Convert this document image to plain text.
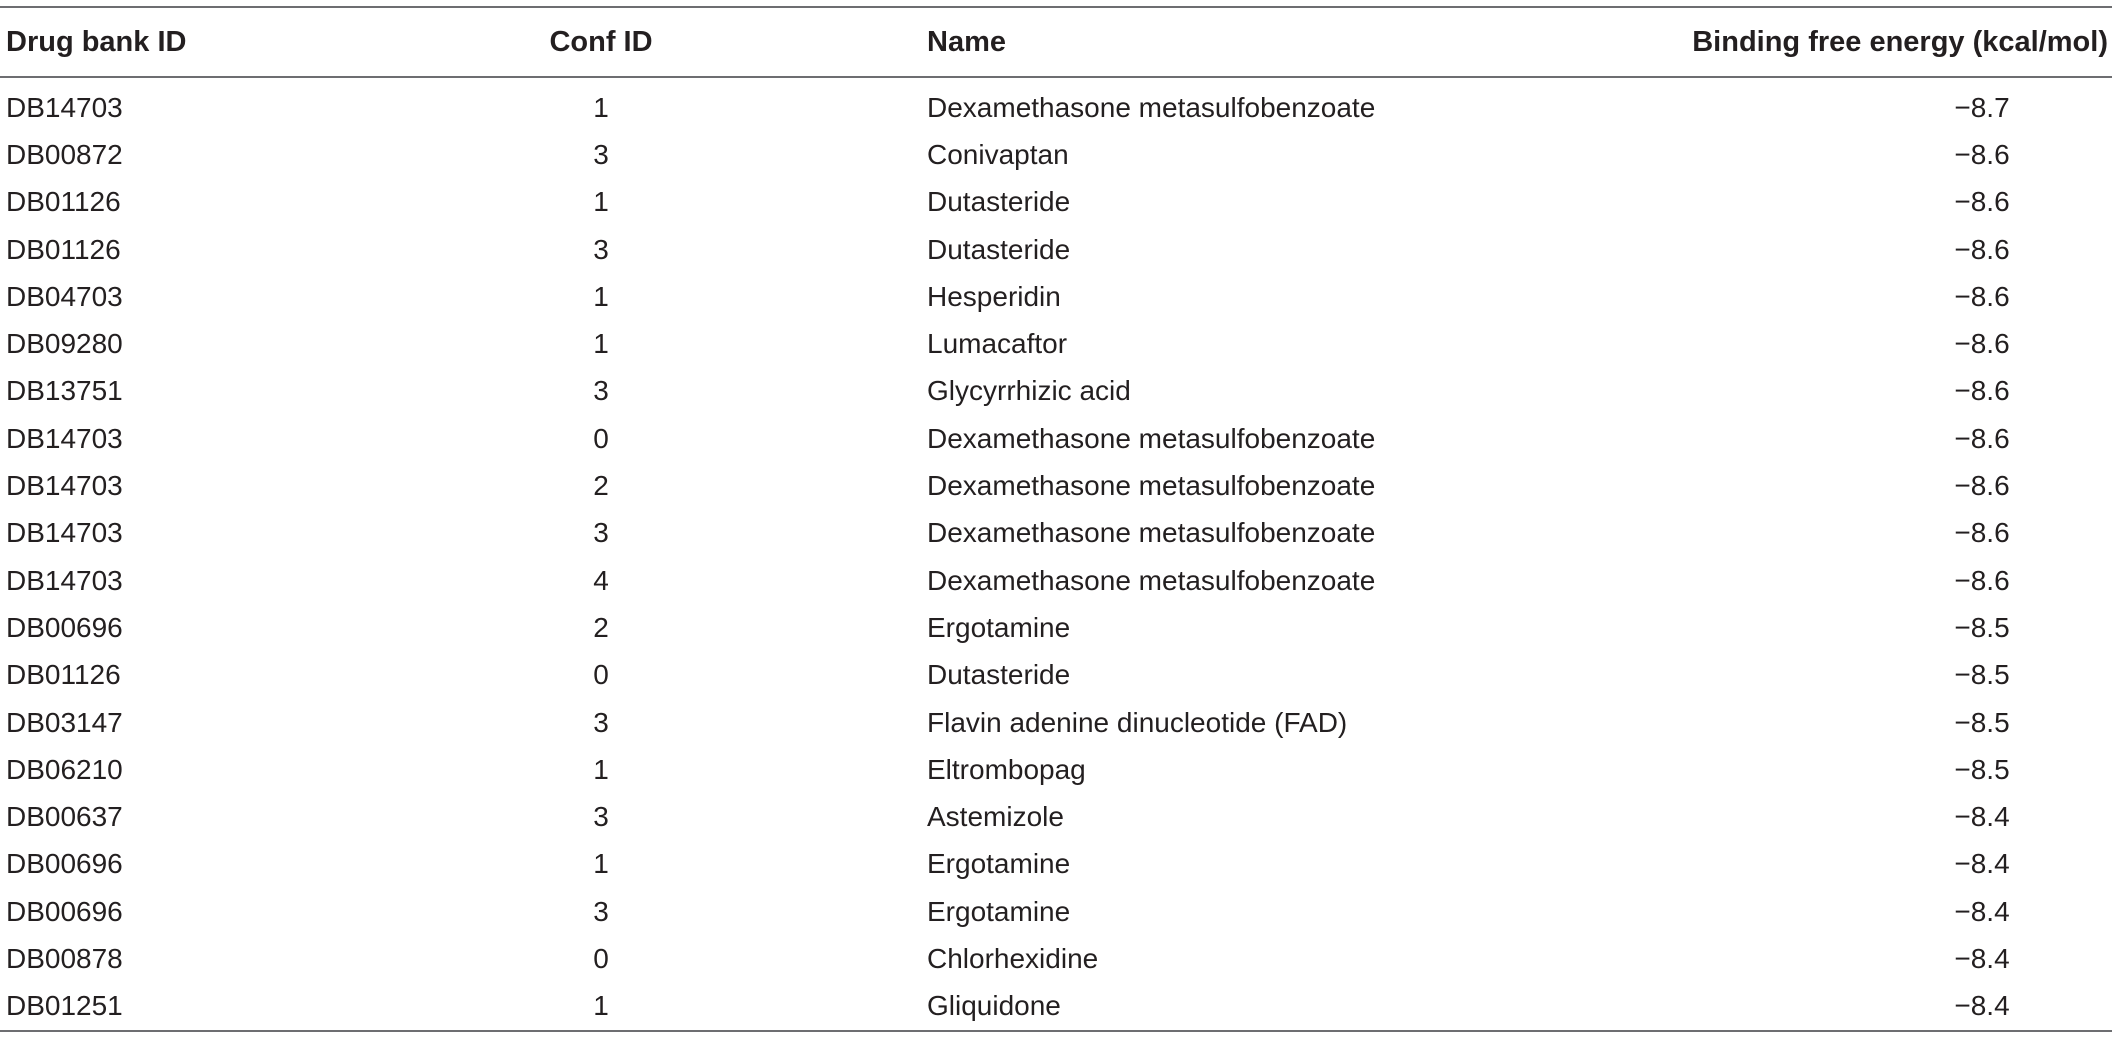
Drug bank ID	Conf ID	Name	Binding free energy (kcal/mol)
DB14703	1	Dexamethasone metasulfobenzoate	−8.7
DB00872	3	Conivaptan	−8.6
DB01126	1	Dutasteride	−8.6
DB01126	3	Dutasteride	−8.6
DB04703	1	Hesperidin	−8.6
DB09280	1	Lumacaftor	−8.6
DB13751	3	Glycyrrhizic acid	−8.6
DB14703	0	Dexamethasone metasulfobenzoate	−8.6
DB14703	2	Dexamethasone metasulfobenzoate	−8.6
DB14703	3	Dexamethasone metasulfobenzoate	−8.6
DB14703	4	Dexamethasone metasulfobenzoate	−8.6
DB00696	2	Ergotamine	−8.5
DB01126	0	Dutasteride	−8.5
DB03147	3	Flavin adenine dinucleotide (FAD)	−8.5
DB06210	1	Eltrombopag	−8.5
DB00637	3	Astemizole	−8.4
DB00696	1	Ergotamine	−8.4
DB00696	3	Ergotamine	−8.4
DB00878	0	Chlorhexidine	−8.4
DB01251	1	Gliquidone	−8.4
